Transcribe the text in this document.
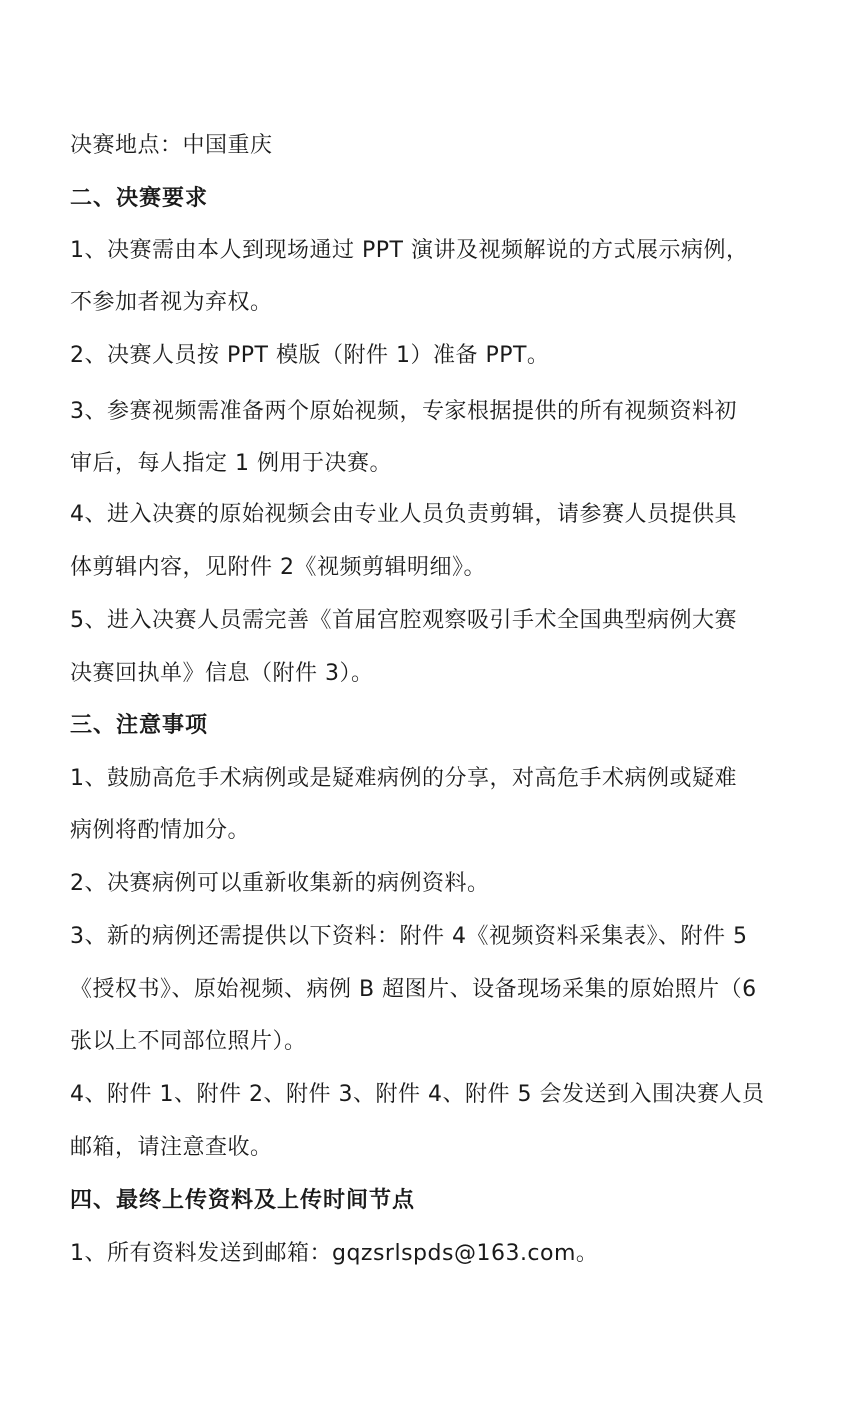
决赛地点：中国重庆
二、决赛要求
1、决赛需由本人到现场通过 PPT 演讲及视频解说的方式展示病例，
不参加者视为弃权。
2、决赛人员按 PPT 模版（附件 1）准备 PPT。
3、参赛视频需准备两个原始视频，专家根据提供的所有视频资料初
审后，每人指定 1 例用于决赛。
4、进入决赛的原始视频会由专业人员负责剪辑，请参赛人员提供具
体剪辑内容，见附件 2《视频剪辑明细》。
5、进入决赛人员需完善《首届宫腔观察吸引手术全国典型病例大赛
决赛回执单》信息（附件 3）。
三、注意事项
1、鼓励高危手术病例或是疑难病例的分享，对高危手术病例或疑难
病例将酌情加分。
2、决赛病例可以重新收集新的病例资料。
3、新的病例还需提供以下资料：附件 4《视频资料采集表》、附件 5
《授权书》、原始视频、病例 B 超图片、设备现场采集的原始照片（6
张以上不同部位照片）。
4、附件 1、附件 2、附件 3、附件 4、附件 5 会发送到入围决赛人员
邮箱，请注意查收。
四、最终上传资料及上传时间节点
1、所有资料发送到邮箱：gqzsrlspds@163.com。
